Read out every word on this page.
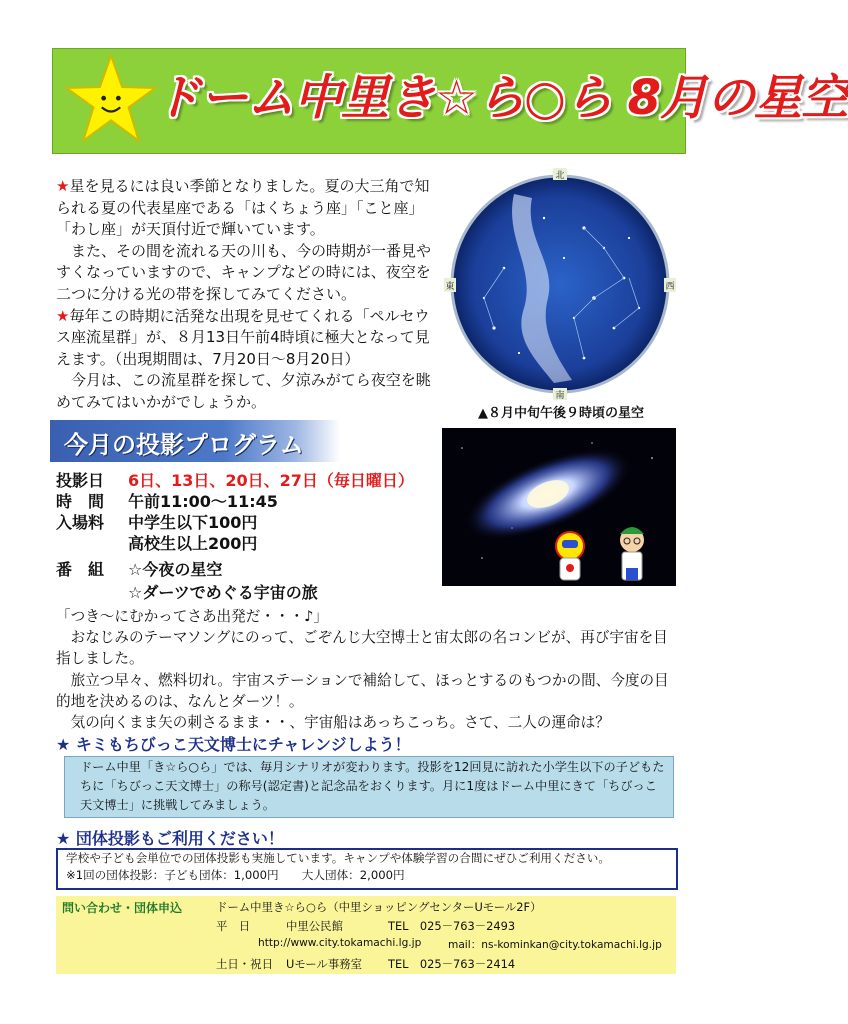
ドーム中里き☆ら○ら 8月の星空

★星を見るには良い季節となりました。夏の大三角で知られる夏の代表星座である「はくちょう座」「こと座」「わし座」が天頂付近で輝いています。

　また、その間を流れる天の川も、今の時期が一番見やすくなっていますので、キャンプなどの時には、夜空を二つに分ける光の帯を探してみてください。

★毎年この時期に活発な出現を見せてくれる「ペルセウス座流星群」が、８月13日午前4時頃に極大となって見えます。（出現期間は、7月20日～8月20日）

　今月は、この流星群を探して、夕涼みがてら夜空を眺めてみてはいかがでしょうか。

北
南
東	西
▲８月中旬午後９時頃の星空
今月の投影プログラム
投影日	6日、13日、20日、27日（毎日曜日）
時　間	午前11:00～11:45
入場料	中学生以下100円
高校生以上200円
番　組	☆今夜の星空
☆ダーツでめぐる宇宙の旅

「つき～にむかってさあ出発だ・・・♪」

　おなじみのテーマソングにのって、ごぞんじ大空博士と宙太郎の名コンビが、再び宇宙を目指しました。

　旅立つ早々、燃料切れ。宇宙ステーションで補給して、ほっとするのもつかの間、今度の目的地を決めるのは、なんとダーツ！。

　気の向くまま矢の刺さるまま・・、宇宙船はあっちこっち。さて、二人の運命は？

★ キミもちびっこ天文博士にチャレンジしよう！
ドーム中里「き☆ら○ら」では、毎月シナリオが変わります。投影を12回見に訪れた小学生以下の子どもたちに「ちびっこ天文博士」の称号(認定書)と記念品をおくります。月に1度はドーム中里にきて「ちびっこ天文博士」に挑戦してみましょう。
★ 団体投影もご利用ください！
学校や子ども会単位での団体投影も実施しています。キャンプや体験学習の合間にぜひご利用ください。
※1回の団体投影：子ども団体：1,000円　　大人団体：2,000円
問い合わせ・団体申込	ドーム中里き☆ら○ら（中里ショッピングセンターUモール2F）
平　日	中里公民館	TEL　025－763－2493
http://www.city.tokamachi.lg.jp	mail：ns-kominkan@city.tokamachi.lg.jp
土日・祝日 Uモール事務室 TEL　025－763－2414
